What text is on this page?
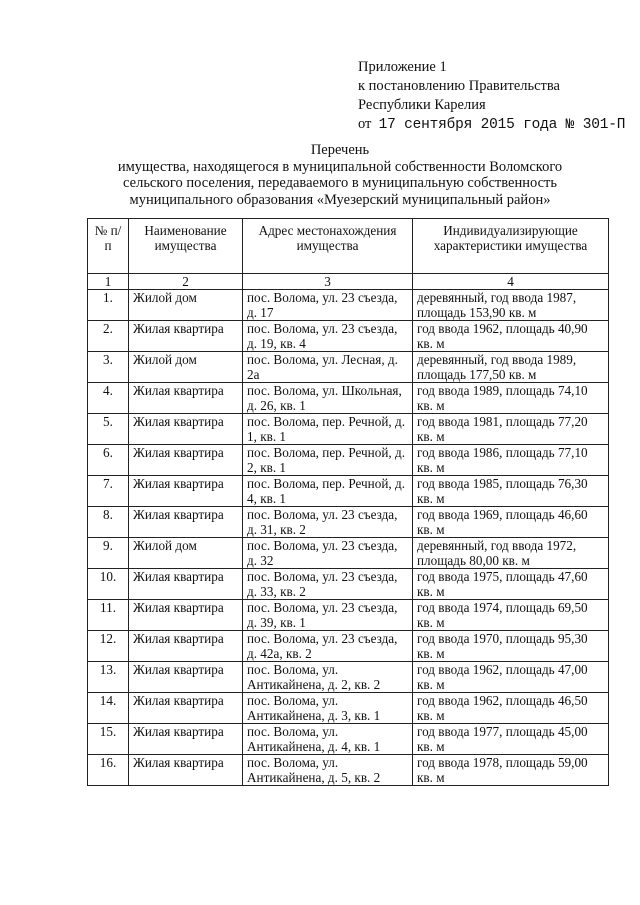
Приложение 1
к постановлению Правительства
Республики Карелия
от 17 сентября 2015 года № 301-П
Перечень
имущества, находящегося в муниципальной собственности Воломского
сельского поселения, передаваемого в муниципальную собственность
муниципального образования «Муезерский муниципальный район»
№ п/п	Наименование имущества	Адрес местонахождения имущества	Индивидуализирующие характеристики имущества
1	2	3	4
1.	Жилой дом	пос. Волома, ул. 23 съезда, д. 17	деревянный, год ввода 1987, площадь 153,90 кв. м
2.	Жилая квартира	пос. Волома, ул. 23 съезда, д. 19, кв. 4	год ввода 1962, площадь 40,90 кв. м
3.	Жилой дом	пос. Волома, ул. Лесная, д. 2а	деревянный, год ввода 1989, площадь 177,50 кв. м
4.	Жилая квартира	пос. Волома, ул. Школьная, д. 26, кв. 1	год ввода 1989, площадь 74,10 кв. м
5.	Жилая квартира	пос. Волома, пер. Речной, д. 1, кв. 1	год ввода 1981, площадь 77,20 кв. м
6.	Жилая квартира	пос. Волома, пер. Речной, д. 2, кв. 1	год ввода 1986, площадь 77,10 кв. м
7.	Жилая квартира	пос. Волома, пер. Речной, д. 4, кв. 1	год ввода 1985, площадь 76,30 кв. м
8.	Жилая квартира	пос. Волома, ул. 23 съезда, д. 31, кв. 2	год ввода 1969, площадь 46,60 кв. м
9.	Жилой дом	пос. Волома, ул. 23 съезда, д. 32	деревянный, год ввода 1972, площадь 80,00 кв. м
10.	Жилая квартира	пос. Волома, ул. 23 съезда, д. 33, кв. 2	год ввода 1975, площадь 47,60 кв. м
11.	Жилая квартира	пос. Волома, ул. 23 съезда, д. 39, кв. 1	год ввода 1974, площадь 69,50 кв. м
12.	Жилая квартира	пос. Волома, ул. 23 съезда, д. 42а, кв. 2	год ввода 1970, площадь 95,30 кв. м
13.	Жилая квартира	пос. Волома, ул. Антикайнена, д. 2, кв. 2	год ввода 1962, площадь 47,00 кв. м
14.	Жилая квартира	пос. Волома, ул. Антикайнена, д. 3, кв. 1	год ввода 1962, площадь 46,50 кв. м
15.	Жилая квартира	пос. Волома, ул. Антикайнена, д. 4, кв. 1	год ввода 1977, площадь 45,00 кв. м
16.	Жилая квартира	пос. Волома, ул. Антикайнена, д. 5, кв. 2	год ввода 1978, площадь 59,00 кв. м
